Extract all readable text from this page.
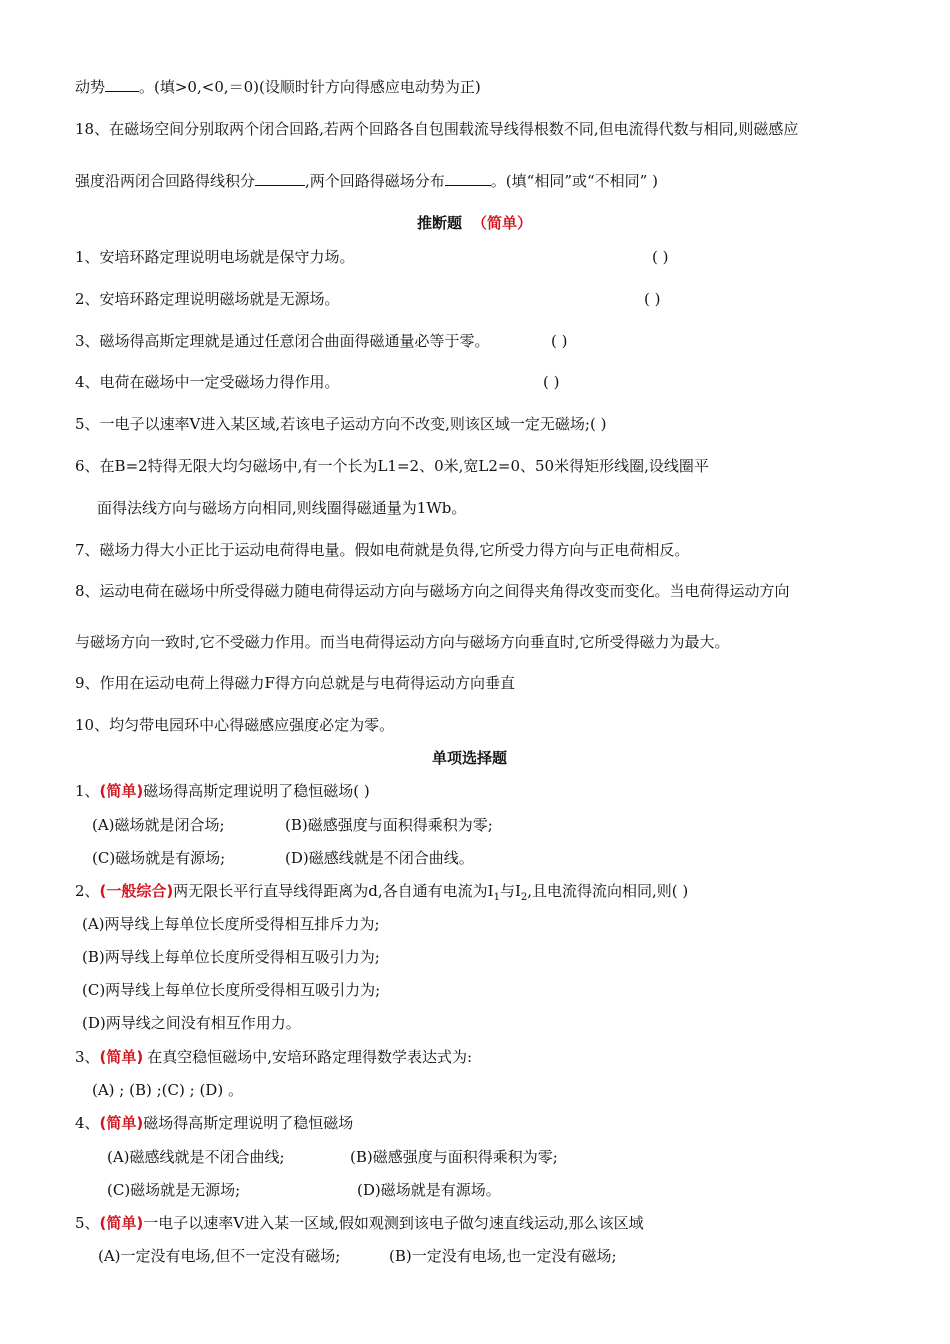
动势 。(填>0,<0,＝0)(设顺时针方向得感应电动势为正)
18、在磁场空间分别取两个闭合回路,若两个回路各自包围载流导线得根数不同,但电流得代数与相同,则磁感应
强度沿两闭合回路得线积分	,两个回路得磁场分布	。(填“相同”或“不相同” )
推断题 （简单）
1、安培环路定理说明电场就是保守力场。	( )
2、安培环路定理说明磁场就是无源场。	( )
3、磁场得高斯定理就是通过任意闭合曲面得磁通量必等于零。	( )
4、电荷在磁场中一定受磁场力得作用。	( )
5、一电子以速率V进入某区域,若该电子运动方向不改变,则该区域一定无磁场;( )
6、在B=2特得无限大均匀磁场中,有一个长为L1=2、0米,宽L2=0、50米得矩形线圈,设线圈平
面得法线方向与磁场方向相同,则线圈得磁通量为1Wb。
7、磁场力得大小正比于运动电荷得电量。假如电荷就是负得,它所受力得方向与正电荷相反。
8、运动电荷在磁场中所受得磁力随电荷得运动方向与磁场方向之间得夹角得改变而变化。当电荷得运动方向
与磁场方向一致时,它不受磁力作用。而当电荷得运动方向与磁场方向垂直时,它所受得磁力为最大。
9、作用在运动电荷上得磁力F得方向总就是与电荷得运动方向垂直
10、均匀带电园环中心得磁感应强度必定为零。
单项选择题
1、(简单)磁场得高斯定理说明了稳恒磁场( )
(A)磁场就是闭合场;	(B)磁感强度与面积得乘积为零;
(C)磁场就是有源场;	(D)磁感线就是不闭合曲线。
2、(一般综合)两无限长平行直导线得距离为d,各自通有电流为$I_1$与$I_2$,且电流得流向相同,则( )
(A)两导线上每单位长度所受得相互排斥力为;
(B)两导线上每单位长度所受得相互吸引力为;
(C)两导线上每单位长度所受得相互吸引力为;
(D)两导线之间没有相互作用力。
3、(简单) 在真空稳恒磁场中,安培环路定理得数学表达式为:
(A) ; (B) ;(C) ; (D) 。
4、(简单)磁场得高斯定理说明了稳恒磁场
(A)磁感线就是不闭合曲线;	(B)磁感强度与面积得乘积为零;
(C)磁场就是无源场;	(D)磁场就是有源场。
5、(简单)一电子以速率V进入某一区域,假如观测到该电子做匀速直线运动,那么该区域
(A)一定没有电场,但不一定没有磁场;	(B)一定没有电场,也一定没有磁场;
